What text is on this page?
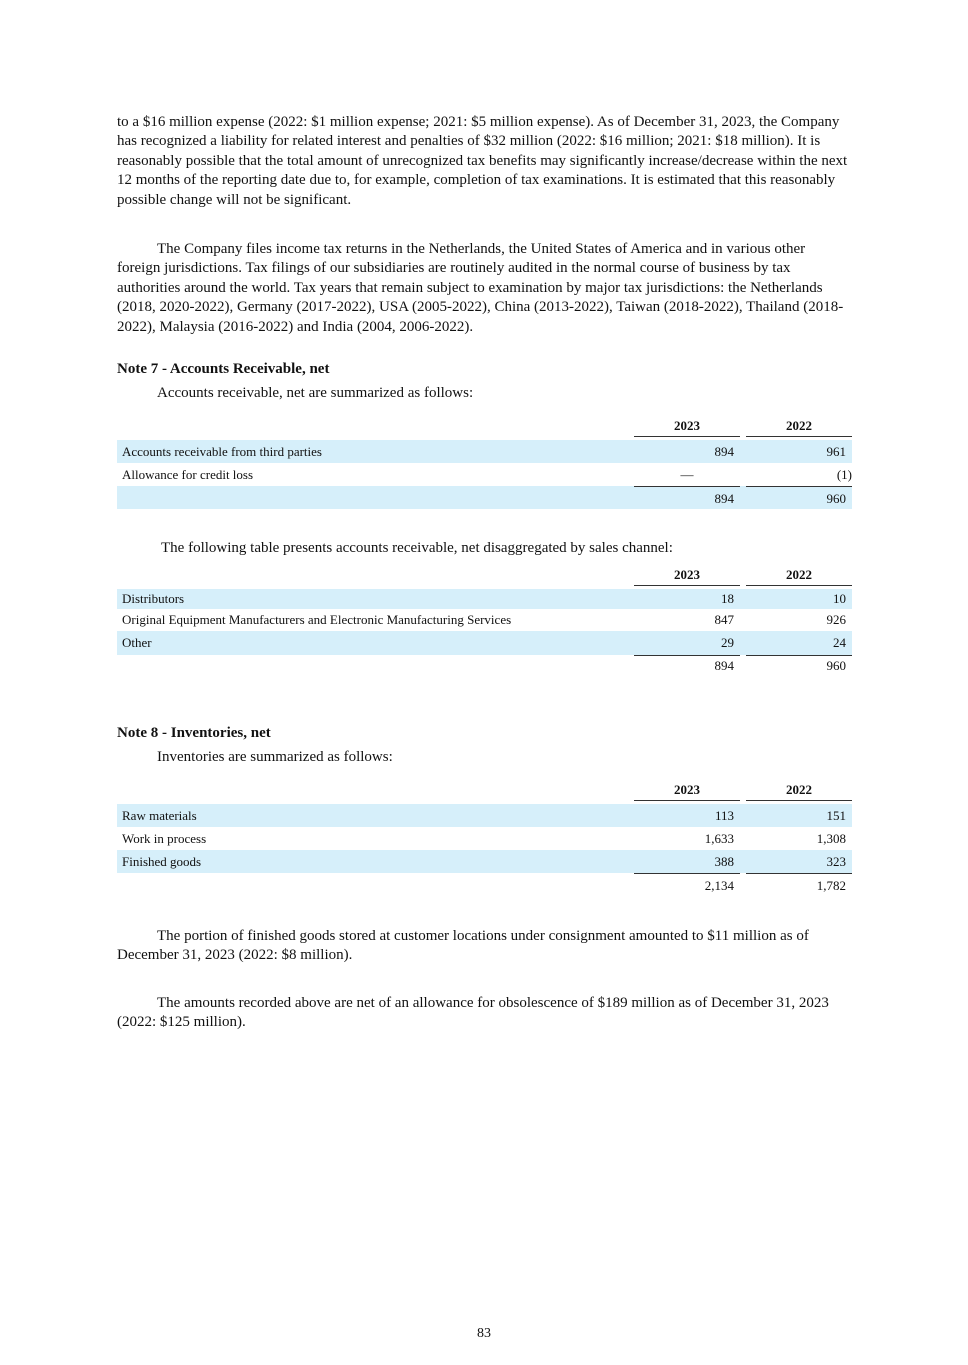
to a $16 million expense (2022: $1 million expense; 2021: $5 million expense). As of December 31, 2023, the Company has recognized a liability for related interest and penalties of $32 million (2022: $16 million; 2021: $18 million). It is reasonably possible that the total amount of unrecognized tax benefits may significantly increase/decrease within the next 12 months of the reporting date due to, for example, completion of tax examinations. It is estimated that this reasonably possible change will not be significant.

The Company files income tax returns in the Netherlands, the United States of America and in various other foreign jurisdictions. Tax filings of our subsidiaries are routinely audited in the normal course of business by tax authorities around the world. Tax years that remain subject to examination by major tax jurisdictions: the Netherlands (2018, 2020-2022), Germany (2017-2022), USA (2005-2022), China (2013-2022), Taiwan (2018-2022), Thailand (2018-2022), Malaysia (2016-2022) and India (2004, 2006-2022).

Note 7 - Accounts Receivable, net

Accounts receivable, net are summarized as follows:

2023	2022
Accounts receivable from third parties	894	961
Allowance for credit loss	—	(1)
894	960

The following table presents accounts receivable, net disaggregated by sales channel:

2023	2022
Distributors	18	10
Original Equipment Manufacturers and Electronic Manufacturing Services	847	926
Other	29	24
894	960

Note 8 - Inventories, net

Inventories are summarized as follows:

2023	2022
Raw materials	113	151
Work in process	1,633	1,308
Finished goods	388	323
2,134	1,782

The portion of finished goods stored at customer locations under consignment amounted to $11 million as of December 31, 2023 (2022: $8 million).

The amounts recorded above are net of an allowance for obsolescence of $189 million as of December 31, 2023 (2022: $125 million).

83
